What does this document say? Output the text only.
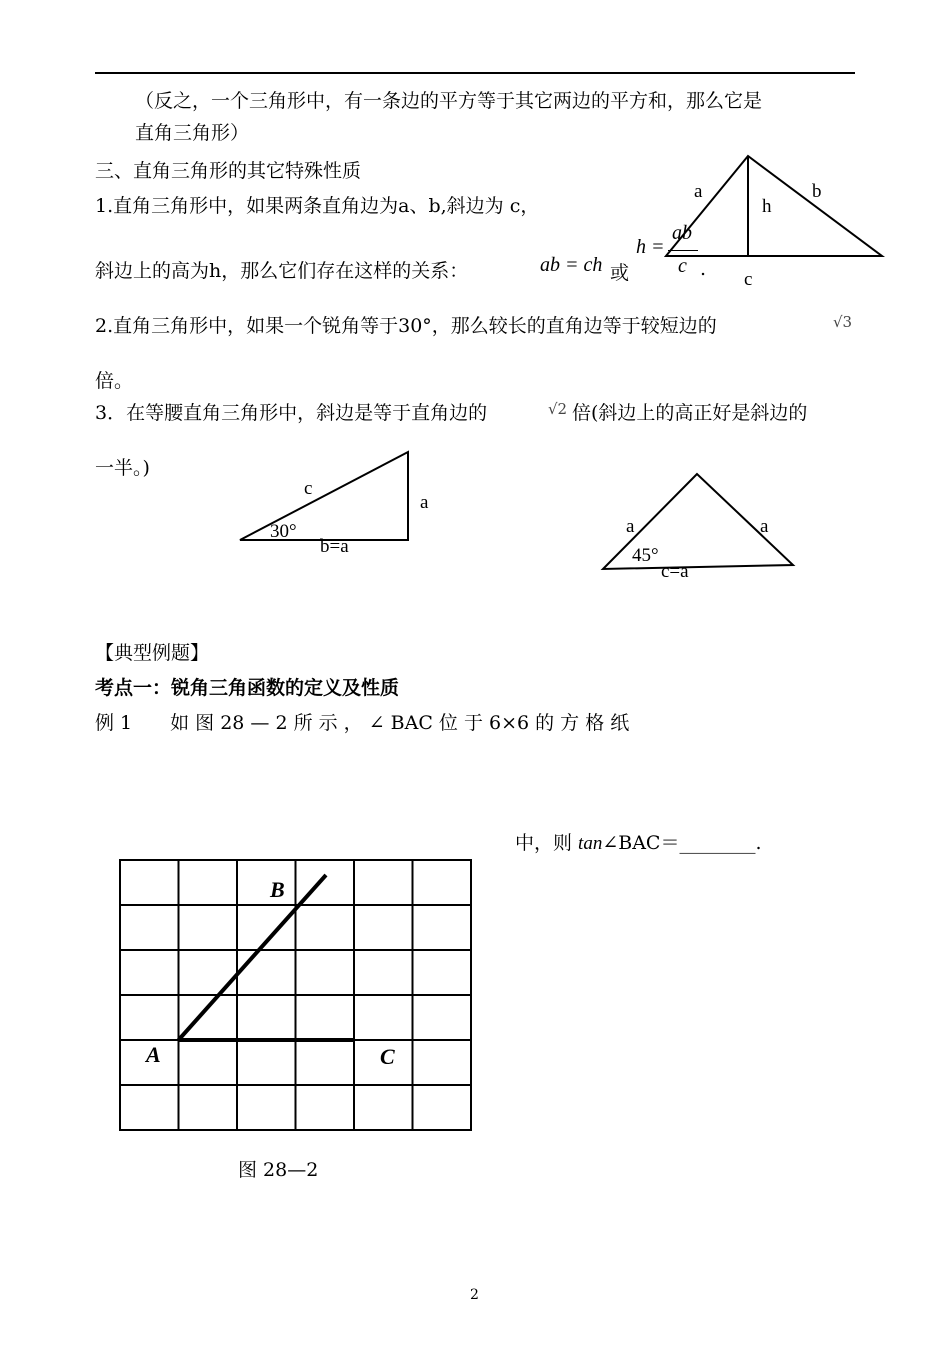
（反之，一个三角形中，有一条边的平方等于其它两边的平方和，那么它是
直角三角形）
三、直角三角形的其它特殊性质
1.直角三角形中，如果两条直角边为a、b,斜边为 c，
斜边上的高为h，那么它们存在这样的关系：	ab = ch 或
h =
ab
c .
a	b
h
c
2.直角三角形中，如果一个锐角等于30°，那么较长的直角边等于较短边的	√3
倍。
3．在等腰直角三角形中，斜边是等于直角边的	√2 倍(斜边上的高正好是斜边的
一半。)
c
a
30°
b=a
a	a
45°
c=a
【典型例题】
考点一：锐角三角函数的定义及性质
例 1　　如 图 28 — 2 所 示 ， ∠ BAC 位 于 6×6 的 方 格 纸
中，则 tan∠BAC＝________.
B
A	C
图 28—2
2
